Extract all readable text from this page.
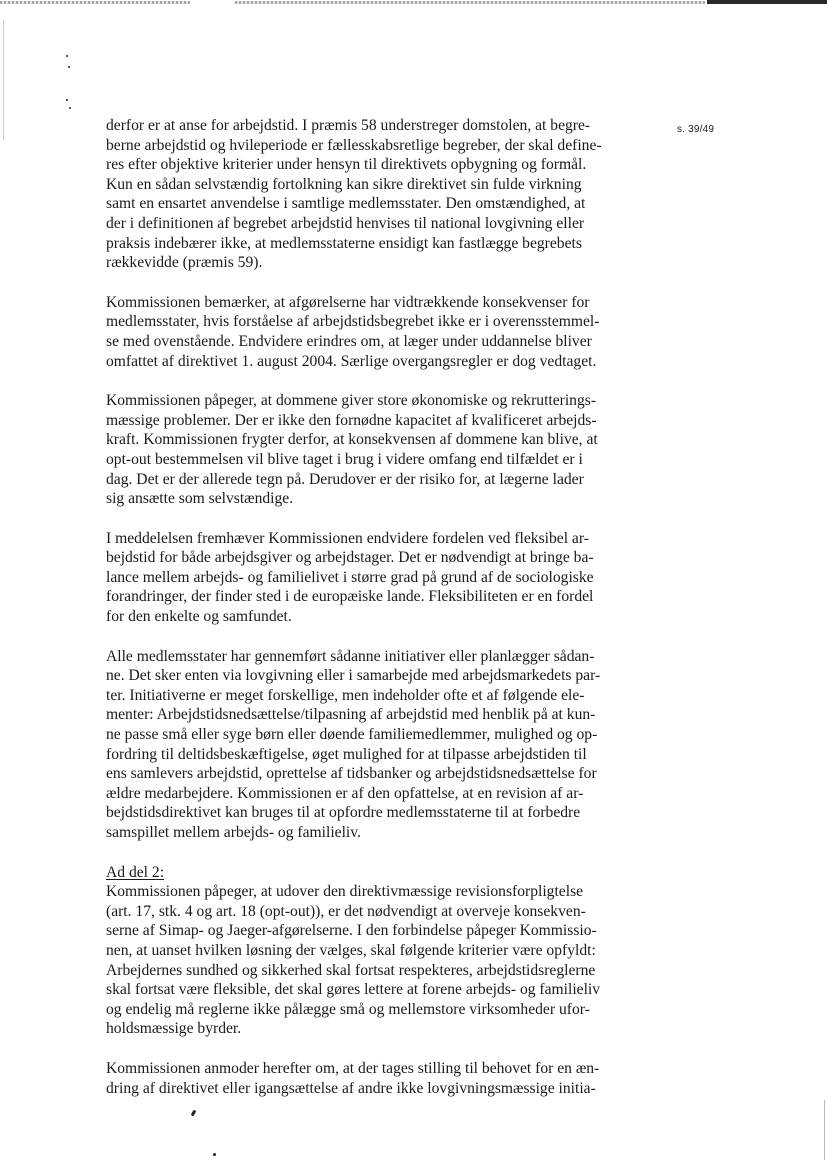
s. 39/49

derfor er at anse for arbejdstid. I præmis 58 understreger domstolen, at begre-
berne arbejdstid og hvileperiode er fællesskabsretlige begreber, der skal define-
res efter objektive kriterier under hensyn til direktivets opbygning og formål.
Kun en sådan selvstændig fortolkning kan sikre direktivet sin fulde virkning
samt en ensartet anvendelse i samtlige medlemsstater. Den omstændighed, at
der i definitionen af begrebet arbejdstid henvises til national lovgivning eller
praksis indebærer ikke, at medlemsstaterne ensidigt kan fastlægge begrebets
rækkevidde (præmis 59).

Kommissionen bemærker, at afgørelserne har vidtrækkende konsekvenser for
medlemsstater, hvis forståelse af arbejdstidsbegrebet ikke er i overensstemmel-
se med ovenstående. Endvidere erindres om, at læger under uddannelse bliver
omfattet af direktivet 1. august 2004. Særlige overgangsregler er dog vedtaget.

Kommissionen påpeger, at dommene giver store økonomiske og rekrutterings-
mæssige problemer. Der er ikke den fornødne kapacitet af kvalificeret arbejds-
kraft. Kommissionen frygter derfor, at konsekvensen af dommene kan blive, at
opt-out bestemmelsen vil blive taget i brug i videre omfang end tilfældet er i
dag. Det er der allerede tegn på. Derudover er der risiko for, at lægerne lader
sig ansætte som selvstændige.

I meddelelsen fremhæver Kommissionen endvidere fordelen ved fleksibel ar-
bejdstid for både arbejdsgiver og arbejdstager. Det er nødvendigt at bringe ba-
lance mellem arbejds- og familielivet i større grad på grund af de sociologiske
forandringer, der finder sted i de europæiske lande. Fleksibiliteten er en fordel
for den enkelte og samfundet.

Alle medlemsstater har gennemført sådanne initiativer eller planlægger sådan-
ne. Det sker enten via lovgivning eller i samarbejde med arbejdsmarkedets par-
ter. Initiativerne er meget forskellige, men indeholder ofte et af følgende ele-
menter: Arbejdstidsnedsættelse/tilpasning af arbejdstid med henblik på at kun-
ne passe små eller syge børn eller døende familiemedlemmer, mulighed og op-
fordring til deltidsbeskæftigelse, øget mulighed for at tilpasse arbejdstiden til
ens samlevers arbejdstid, oprettelse af tidsbanker og arbejdstidsnedsættelse for
ældre medarbejdere. Kommissionen er af den opfattelse, at en revision af ar-
bejdstidsdirektivet kan bruges til at opfordre medlemsstaterne til at forbedre
samspillet mellem arbejds- og familieliv.

Ad del 2:
Kommissionen påpeger, at udover den direktivmæssige revisionsforpligtelse
(art. 17, stk. 4 og art. 18 (opt-out)), er det nødvendigt at overveje konsekven-
serne af Simap- og Jaeger-afgørelserne. I den forbindelse påpeger Kommissio-
nen, at uanset hvilken løsning der vælges, skal følgende kriterier være opfyldt:
Arbejdernes sundhed og sikkerhed skal fortsat respekteres, arbejdstidsreglerne
skal fortsat være fleksible, det skal gøres lettere at forene arbejds- og familieliv
og endelig må reglerne ikke pålægge små og mellemstore virksomheder ufor-
holdsmæssige byrder.

Kommissionen anmoder herefter om, at der tages stilling til behovet for en æn-
dring af direktivet eller igangsættelse af andre ikke lovgivningsmæssige initia-
